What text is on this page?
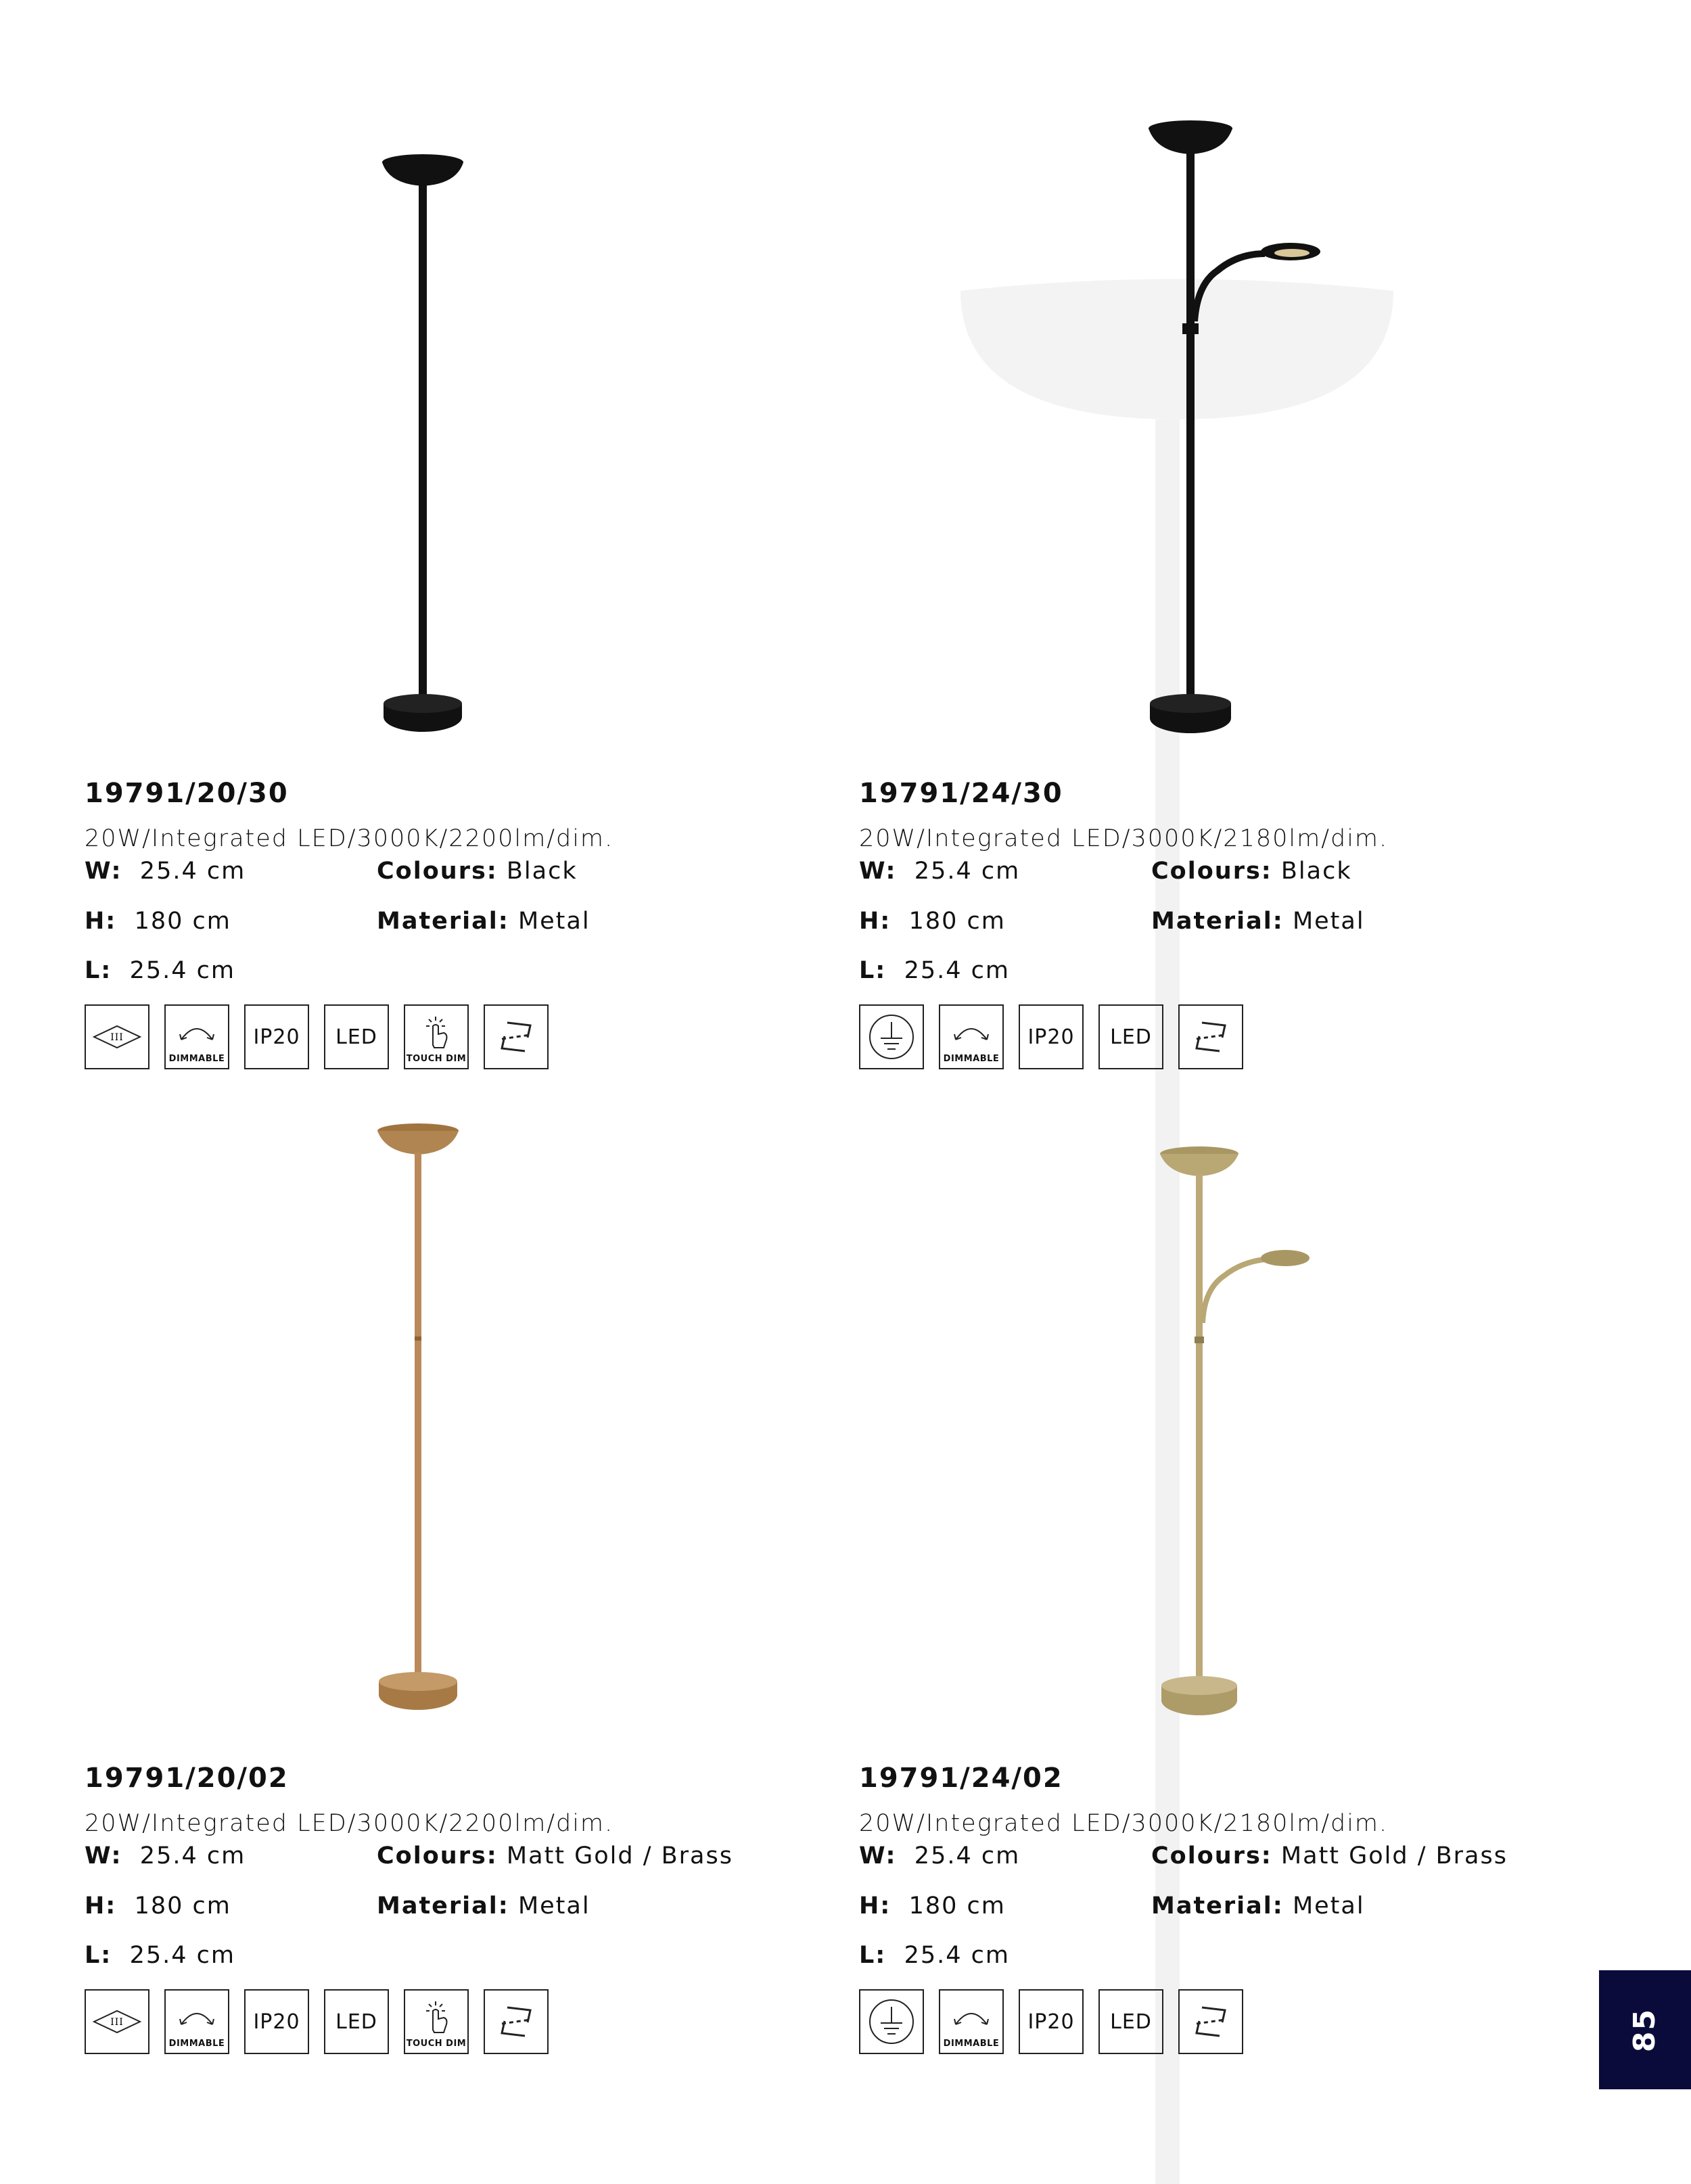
19791/20/30
20W/Integrated LED/3000K/2200lm/dim.
W: 25.4 cm
H: 180 cm
L: 25.4 cm
Colours: Black
Material: Metal
III
DIMMABLE
IP20 LED
TOUCH DIM
19791/24/30
20W/Integrated LED/3000K/2180lm/dim.
W: 25.4 cm
H: 180 cm
L: 25.4 cm
Colours: Black
Material: Metal
DIMMABLE
IP20 LED
19791/20/02
20W/Integrated LED/3000K/2200lm/dim.
W: 25.4 cm
H: 180 cm
L: 25.4 cm
Colours: Matt Gold / Brass
Material: Metal
III
DIMMABLE
IP20 LED
TOUCH DIM
19791/24/02
20W/Integrated LED/3000K/2180lm/dim.
W: 25.4 cm
H: 180 cm
L: 25.4 cm
Colours: Matt Gold / Brass
Material: Metal
DIMMABLE
IP20 LED	85
